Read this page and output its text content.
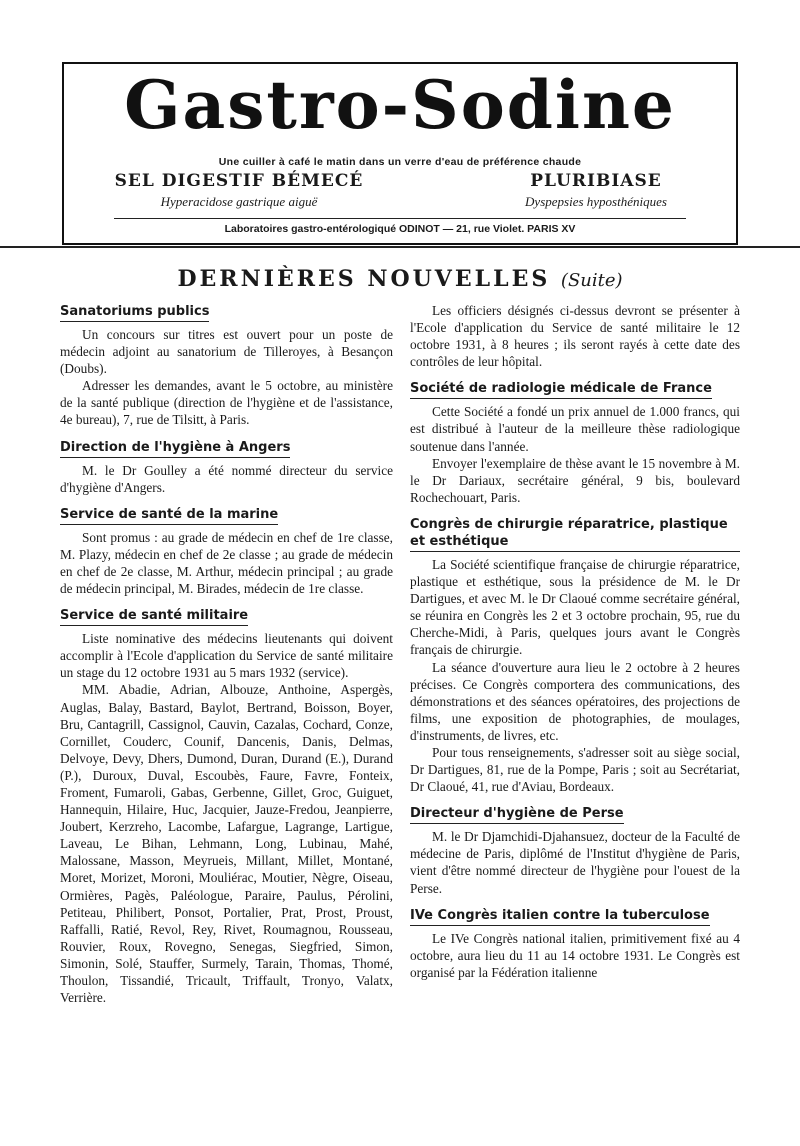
Gastro-Sodine
Une cuiller à café le matin dans un verre d'eau de préférence chaude
SEL DIGESTIF BÉMECÉ
Hyperacidose gastrique aiguë
PLURIBIASE
Dyspepsies hyposthéniques
Laboratoires gastro-entérologiqué ODINOT — 21, rue Violet. PARIS XV
DERNIÈRES NOUVELLES (Suite)
Sanatoriums publics

Un concours sur titres est ouvert pour un poste de médecin adjoint au sanatorium de Tilleroyes, à Besançon (Doubs).

Adresser les demandes, avant le 5 octobre, au ministère de la santé publique (direction de l'hygiène et de l'assistance, 4e bureau), 7, rue de Tilsitt, à Paris.

Direction de l'hygiène à Angers

M. le Dr Goulley a été nommé directeur du service d'hygiène d'Angers.

Service de santé de la marine

Sont promus : au grade de médecin en chef de 1re classe, M. Plazy, médecin en chef de 2e classe ; au grade de médecin en chef de 2e classe, M. Arthur, médecin principal ; au grade de médecin principal, M. Birades, médecin de 1re classe.

Service de santé militaire

Liste nominative des médecins lieutenants qui doivent accomplir à l'Ecole d'application du Service de santé militaire un stage du 12 octobre 1931 au 5 mars 1932 (service).

MM. Abadie, Adrian, Albouze, Anthoine, Aspergès, Auglas, Balay, Bastard, Baylot, Bertrand, Boisson, Boyer, Bru, Cantagrill, Cassignol, Cauvin, Cazalas, Cochard, Conze, Cornillet, Couderc, Counif, Dancenis, Danis, Delmas, Delvoye, Devy, Dhers, Dumond, Duran, Durand (E.), Durand (P.), Duroux, Duval, Escoubès, Faure, Favre, Fonteix, Froment, Fumaroli, Gabas, Gerbenne, Gillet, Groc, Guiguet, Hannequin, Hilaire, Huc, Jacquier, Jauze-Fredou, Jeanpierre, Joubert, Kerzreho, Lacombe, Lafargue, Lagrange, Lartigue, Laveau, Le Bihan, Lehmann, Long, Lubinau, Mahé, Malossane, Masson, Meyrueis, Millant, Millet, Montané, Moret, Morizet, Moroni, Mouliérac, Moutier, Nègre, Oiseau, Ormières, Pagès, Paléologue, Paraire, Paulus, Pérolini, Petiteau, Philibert, Ponsot, Portalier, Prat, Prost, Proust, Raffalli, Ratié, Revol, Rey, Rivet, Roumagnou, Rousseau, Rouvier, Roux, Rovegno, Senegas, Siegfried, Simon, Simonin, Solé, Stauffer, Surmely, Tarain, Thomas, Thomé, Thoulon, Tissandié, Tricault, Triffault, Tronyo, Valatx, Verrière.

Les officiers désignés ci-dessus devront se présenter à l'Ecole d'application du Service de santé militaire le 12 octobre 1931, à 8 heures ; ils seront rayés à cette date des contrôles de leur hôpital.

Société de radiologie médicale de France

Cette Société a fondé un prix annuel de 1.000 francs, qui est distribué à l'auteur de la meilleure thèse radiologique soutenue dans l'année.

Envoyer l'exemplaire de thèse avant le 15 novembre à M. le Dr Dariaux, secrétaire général, 9 bis, boulevard Rochechouart, Paris.

Congrès de chirurgie réparatrice, plastique et esthétique

La Société scientifique française de chirurgie réparatrice, plastique et esthétique, sous la présidence de M. le Dr Dartigues, et avec M. le Dr Claoué comme secrétaire général, se réunira en Congrès les 2 et 3 octobre prochain, 95, rue du Cherche-Midi, à Paris, quelques jours avant le Congrès français de chirurgie.

La séance d'ouverture aura lieu le 2 octobre à 2 heures précises. Ce Congrès comportera des communications, des démonstrations et des séances opératoires, des projections de films, une exposition de photographies, de moulages, d'instruments, de livres, etc.

Pour tous renseignements, s'adresser soit au siège social, Dr Dartigues, 81, rue de la Pompe, Paris ; soit au Secrétariat, Dr Claoué, 41, rue d'Aviau, Bordeaux.

Directeur d'hygiène de Perse

M. le Dr Djamchidi-Djahansuez, docteur de la Faculté de médecine de Paris, diplômé de l'Institut d'hygiène de Paris, vient d'être nommé directeur de l'hygiène pour l'ouest de la Perse.

IVe Congrès italien contre la tuberculose

Le IVe Congrès national italien, primitivement fixé au 4 octobre, aura lieu du 11 au 14 octobre 1931. Le Congrès est organisé par la Fédération italienne
